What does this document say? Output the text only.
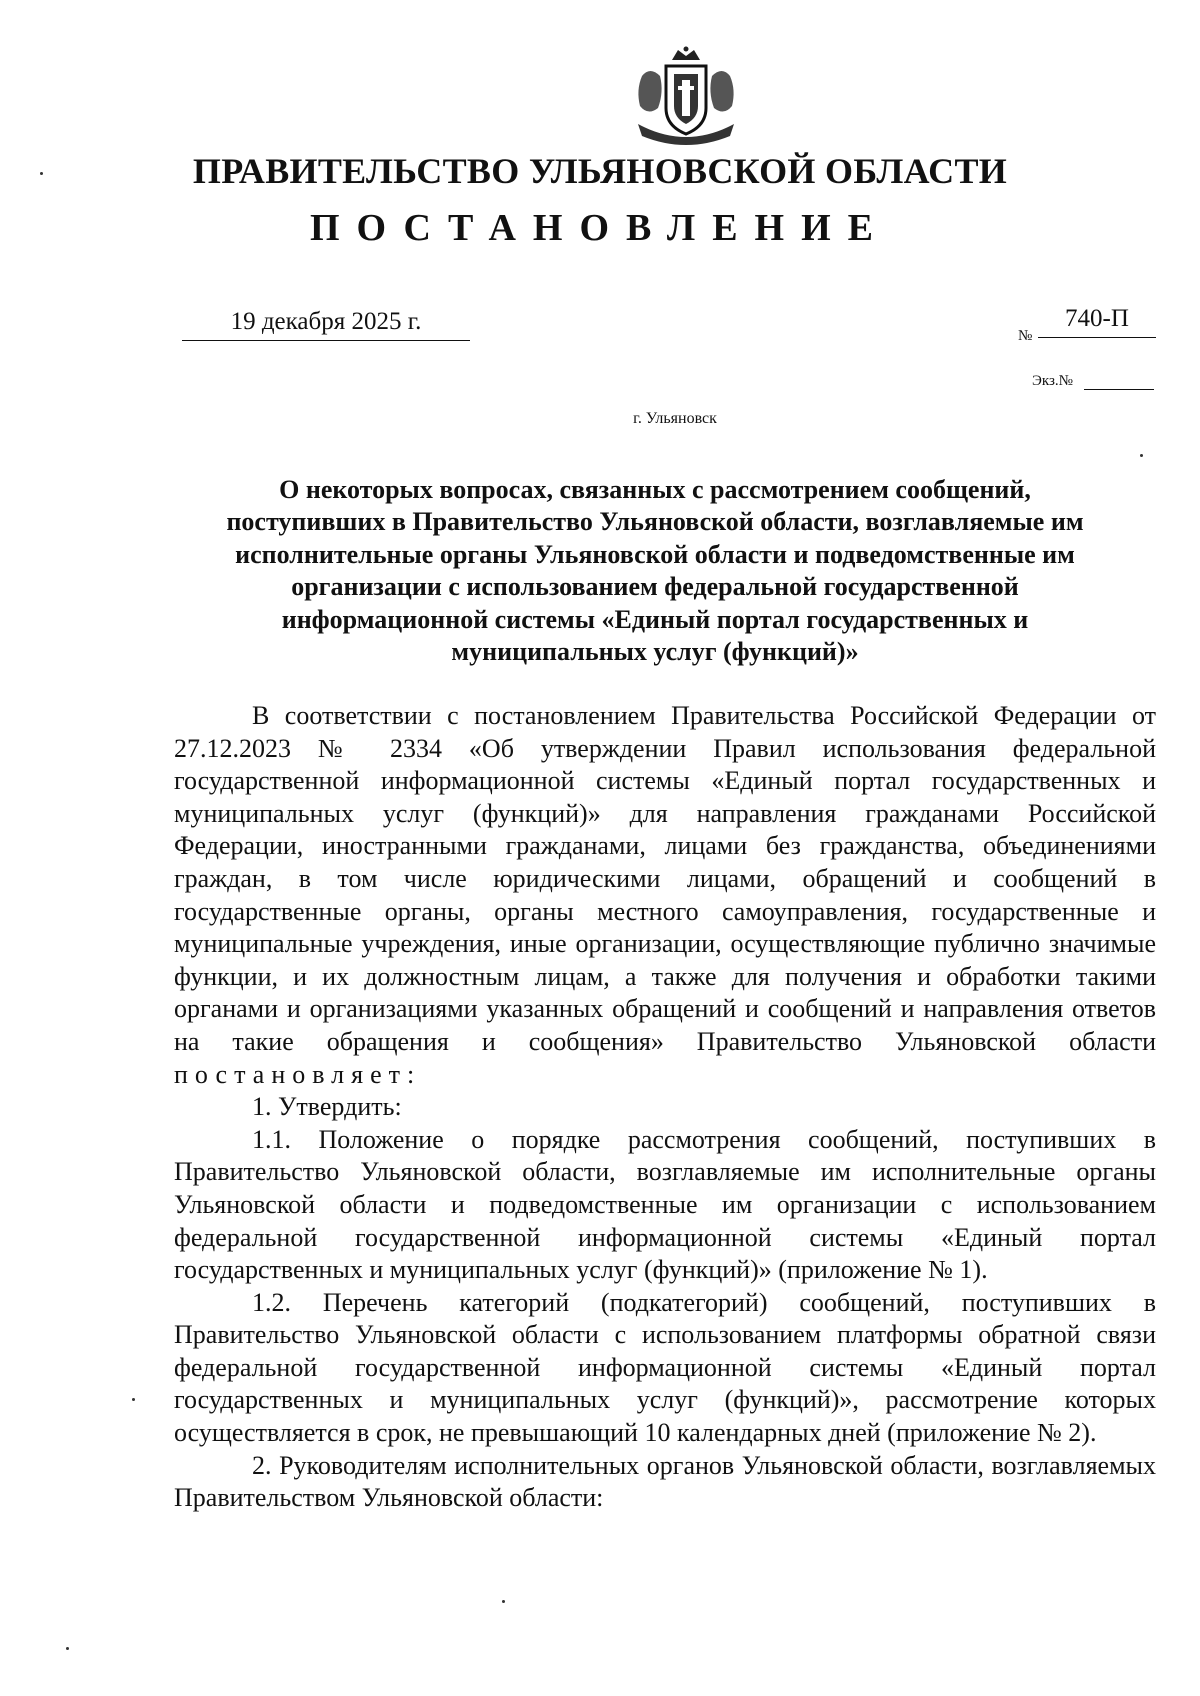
ПРАВИТЕЛЬСТВО УЛЬЯНОВСКОЙ ОБЛАСТИ
ПОСТАНОВЛЕНИЕ
19 декабря 2025 г.
№
740-П
Экз.№
г. Ульяновск
О некоторых вопросах, связанных с рассмотрением сообщений, поступивших в Правительство Ульяновской области, возглавляемые им исполнительные органы Ульяновской области и подведомственные им организации с использованием федеральной государственной информационной системы «Единый портал государственных и муниципальных услуг (функций)»

В соответствии с постановлением Правительства Российской Федерации от 27.12.2023 № 2334 «Об утверждении Правил использования федеральной государственной информационной системы «Единый портал государственных и муниципальных услуг (функций)» для направления гражданами Российской Федерации, иностранными гражданами, лицами без гражданства, объединениями граждан, в том числе юридическими лицами, обращений и сообщений в государственные органы, органы местного самоуправления, государственные и муниципальные учреждения, иные организации, осуществляющие публично значимые функции, и их должностным лицам, а также для получения и обработки такими органами и организациями указанных обращений и сообщений и направления ответов на такие обращения и сообщения» Правительство Ульяновской области постановляет:

1. Утвердить:

1.1. Положение о порядке рассмотрения сообщений, поступивших в Правительство Ульяновской области, возглавляемые им исполнительные органы Ульяновской области и подведомственные им организации с использованием федеральной государственной информационной системы «Единый портал государственных и муниципальных услуг (функций)» (приложение № 1).

1.2. Перечень категорий (подкатегорий) сообщений, поступивших в Правительство Ульяновской области с использованием платформы обратной связи федеральной государственной информационной системы «Единый портал государственных и муниципальных услуг (функций)», рассмотрение которых осуществляется в срок, не превышающий 10 календарных дней (приложение № 2).

2. Руководителям исполнительных органов Ульяновской области, возглавляемых Правительством Ульяновской области:
